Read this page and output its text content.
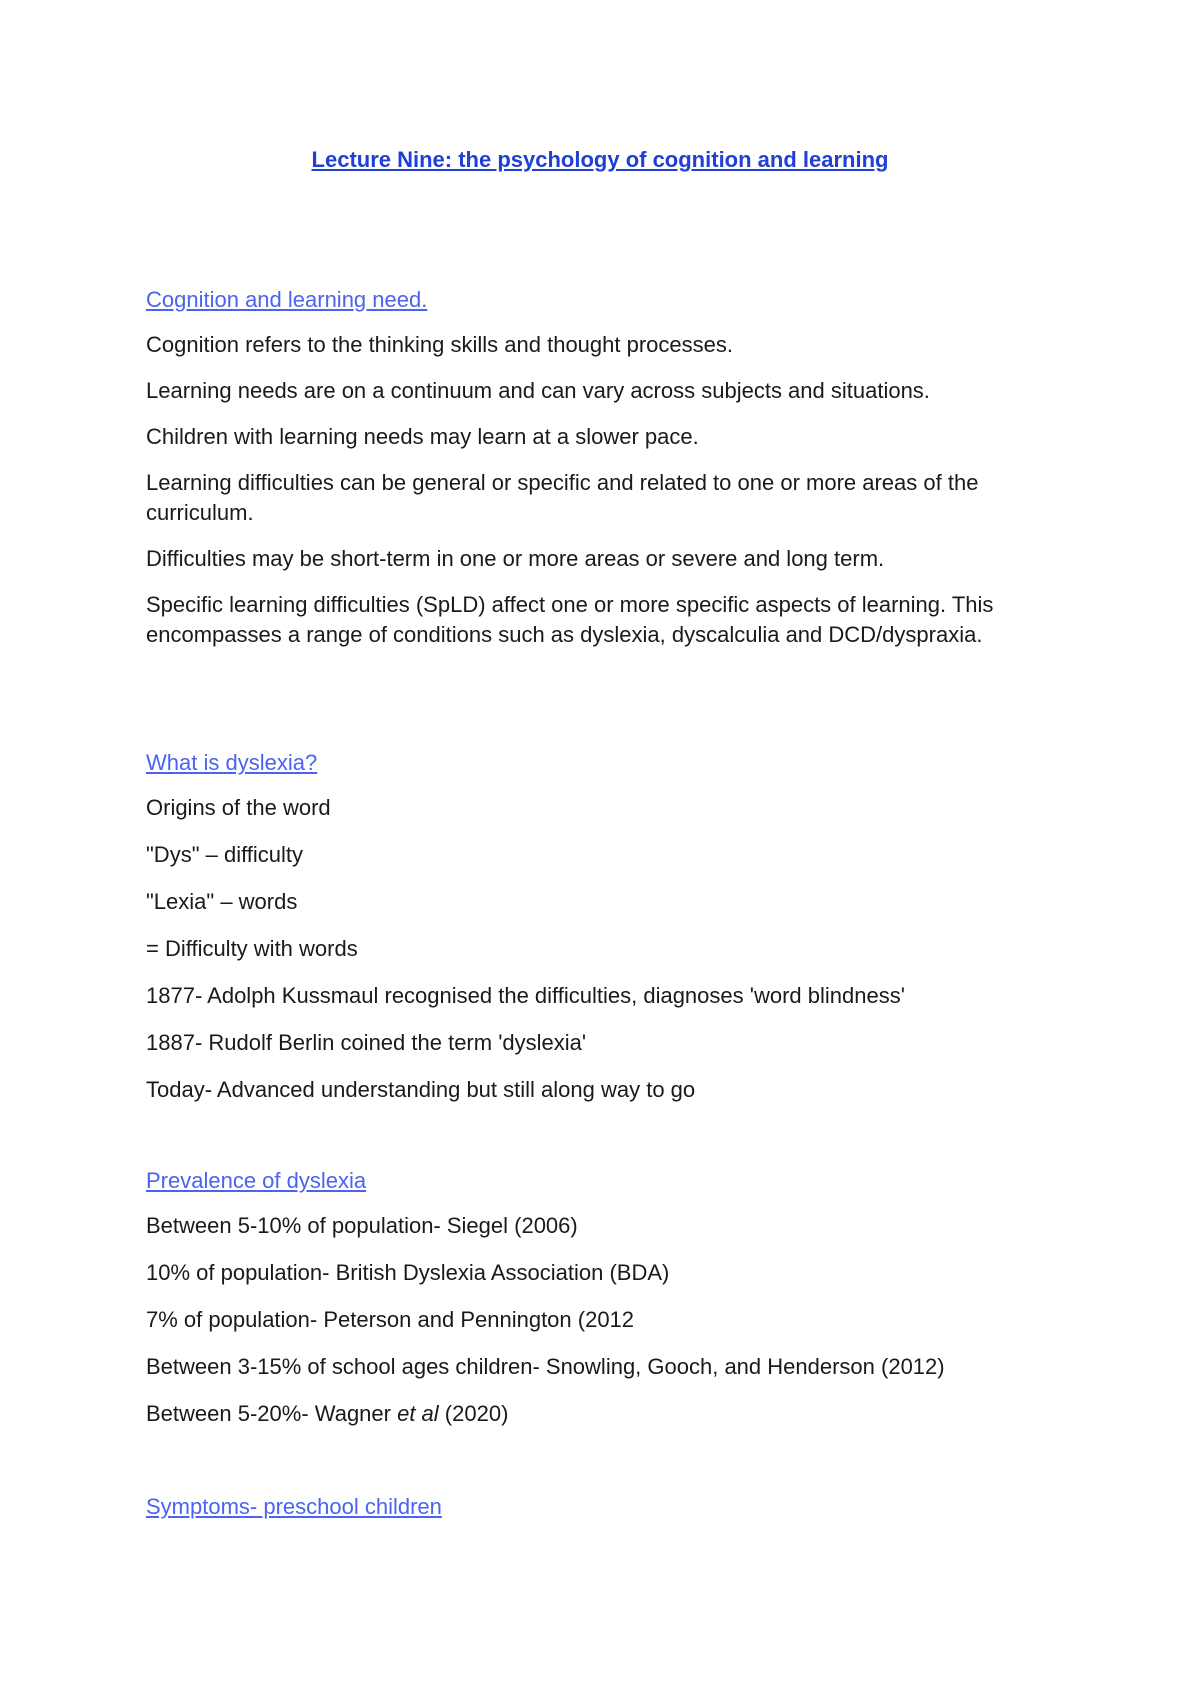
Lecture Nine: the psychology of cognition and learning
Cognition and learning need.

Cognition refers to the thinking skills and thought processes.

Learning needs are on a continuum and can vary across subjects and situations.

Children with learning needs may learn at a slower pace.

Learning difficulties can be general or specific and related to one or more areas of the curriculum.

Difficulties may be short-term in one or more areas or severe and long term.

Specific learning difficulties (SpLD) affect one or more specific aspects of learning. This encompasses a range of conditions such as dyslexia, dyscalculia and DCD/dyspraxia.

What is dyslexia?

Origins of the word

"Dys" – difficulty

"Lexia" – words

= Difficulty with words

1877- Adolph Kussmaul recognised the difficulties, diagnoses 'word blindness'

1887- Rudolf Berlin coined the term 'dyslexia'

Today- Advanced understanding but still along way to go

Prevalence of dyslexia

Between 5-10% of population- Siegel (2006)

10% of population- British Dyslexia Association (BDA)

7% of population- Peterson and Pennington (2012

Between 3-15% of school ages children- Snowling, Gooch, and Henderson (2012)

Between 5-20%- Wagner et al (2020)

Symptoms- preschool children
